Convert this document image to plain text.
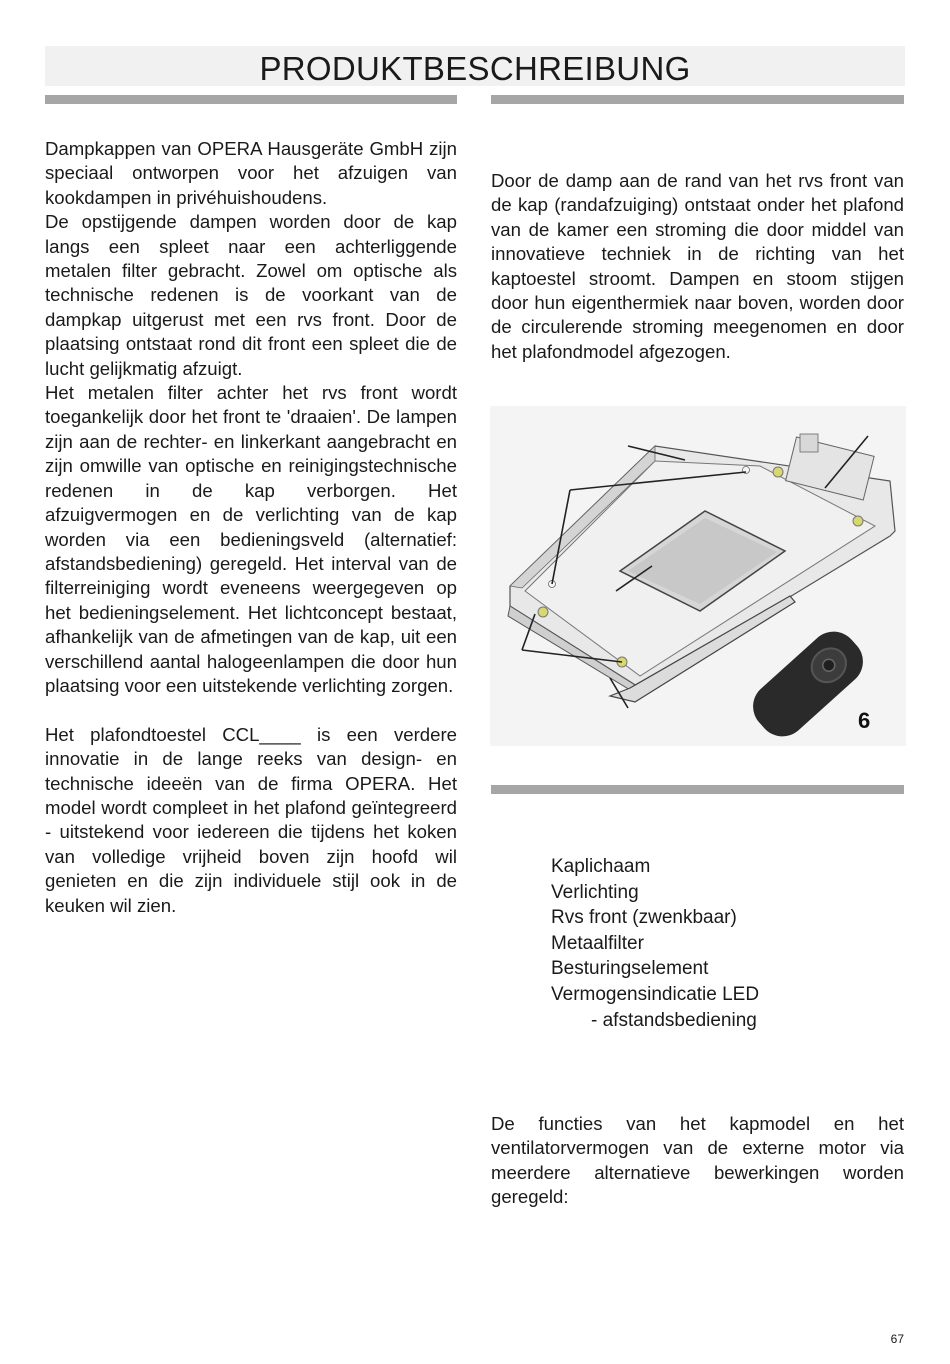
PRODUKTBESCHREIBUNG

Dampkappen van OPERA Hausgeräte GmbH zijn speciaal ontworpen voor het afzuigen van kookdampen in privéhuishoudens.

De opstijgende dampen worden door de kap langs een spleet naar een achterliggende metalen filter gebracht. Zowel om optische als technische redenen is de voorkant van de dampkap uitgerust met een rvs front. Door de plaatsing ontstaat rond dit front een spleet die de lucht gelijkmatig afzuigt.

Het metalen filter achter het rvs front wordt toegankelijk door het front te 'draaien'. De lampen zijn aan de rechter- en linkerkant aangebracht en zijn omwille van optische en reinigingstechnische redenen in de kap verborgen. Het afzuigvermogen en de verlichting van de kap worden via een bedieningsveld (alternatief: afstandsbediening) geregeld. Het interval van de filterreiniging wordt eveneens weergegeven op het bedieningselement. Het lichtconcept bestaat, afhankelijk van de afmetingen van de kap, uit een verschillend aantal halogeenlampen die door hun plaatsing voor een uitstekende verlichting zorgen.

Het plafondtoestel CCL____ is een verdere innovatie in de lange reeks van design- en technische ideeën van de firma OPERA. Het model wordt compleet in het plafond geïntegreerd - uitstekend voor iedereen die tijdens het koken van volledige vrijheid boven zijn hoofd wil genieten en die zijn individuele stijl ook in de keuken wil zien.

Door de damp aan de rand van het rvs front van de kap (randafzuiging) ontstaat onder het plafond van de kamer een stroming die door middel van innovatieve techniek in de richting van het kaptoestel stroomt. Dampen en stoom stijgen door hun eigenthermiek naar boven, worden door de circulerende stroming meegenomen en door het plafondmodel afgezogen.

6
Kaplichaam
Verlichting
Rvs front (zwenkbaar)
Metaalfilter
Besturingselement
Vermogensindicatie LED
- afstandsbediening

De functies van het kapmodel en het ventilatorvermogen van de externe motor via meerdere alternatieve bewerkingen worden geregeld:

67
